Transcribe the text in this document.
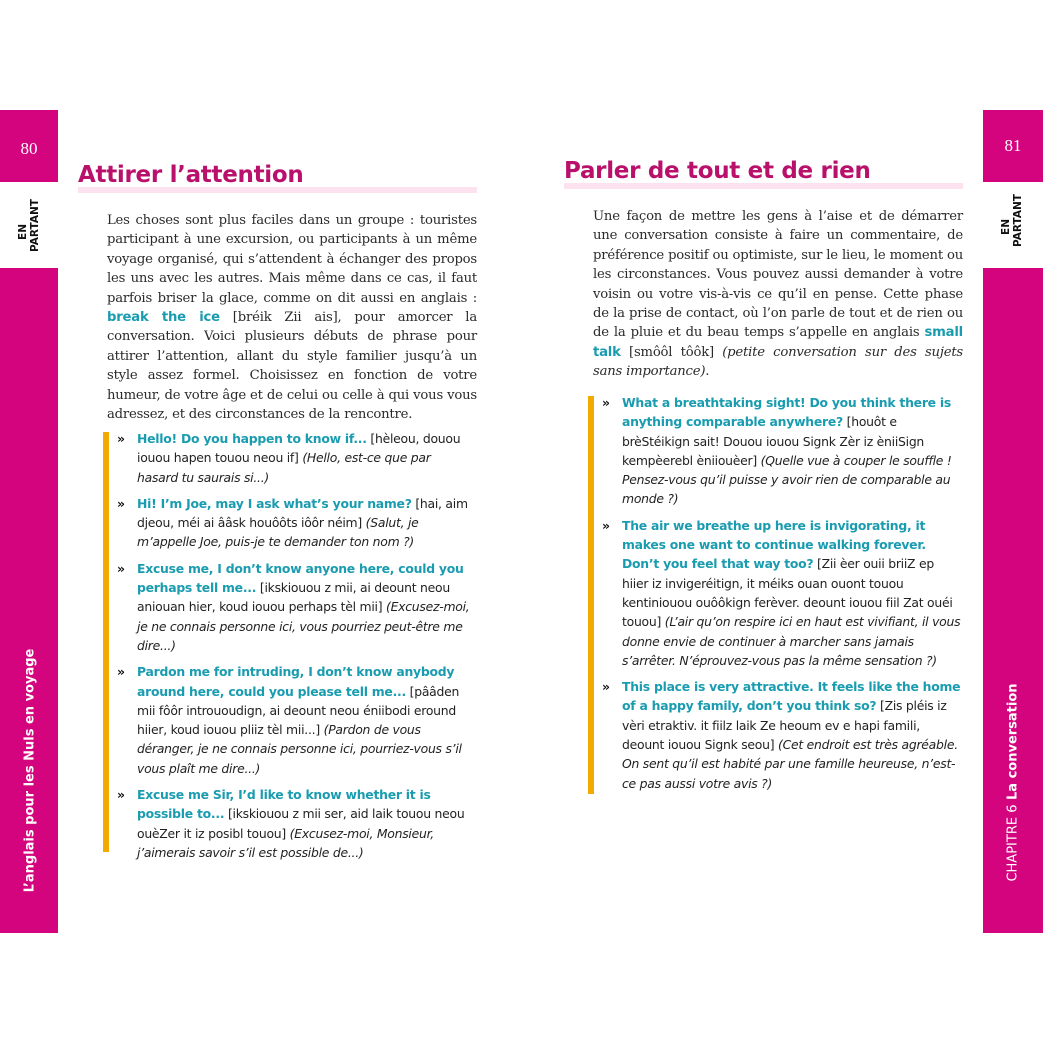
80
EN PARTANT
L’anglais pour les Nuls en voyage
81
EN PARTANT
CHAPITRE 6 La conversation
Attirer l’attention

Les choses sont plus faciles dans un groupe : touristes participant à une excursion, ou participants à un même voyage organisé, qui s’attendent à échanger des propos les uns avec les autres. Mais même dans ce cas, il faut parfois briser la glace, comme on dit aussi en anglais : break the ice [bréik Zii ais], pour amorcer la conversation. Voici plusieurs débuts de phrase pour attirer l’attention, allant du style familier jusqu’à un style assez formel. Choisissez en fonction de votre humeur, de votre âge et de celui ou celle à qui vous vous adressez, et des circonstances de la rencontre.

» Hello! Do you happen to know if... [hèleou, douou iouou hapen touou neou if] (Hello, est-ce que par hasard tu saurais si...)
» Hi! I’m Joe, may I ask what’s your name? [hai, aim djeou, méi ai ââsk houôôts iôôr néim] (Salut, je m’appelle Joe, puis-je te demander ton nom ?)
» Excuse me, I don’t know anyone here, could you perhaps tell me... [ikskiouou z mii, ai deount neou aniouan hier, koud iouou perhaps tèl mii] (Excusez-moi, je ne connais personne ici, vous pourriez peut-être me dire...)
» Pardon me for intruding, I don’t know anybody around here, could you please tell me... [pââden mii fôôr intrououdign, ai deount neou éniibodi eround hiier, koud iouou pliiz tèl mii...] (Pardon de vous déranger, je ne connais personne ici, pourriez-vous s’il vous plaît me dire...)
» Excuse me Sir, I’d like to know whether it is possible to... [ikskiouou z mii ser, aid laik touou neou ouèZer it iz posibl touou] (Excusez-moi, Monsieur, j’aimerais savoir s’il est possible de...)
Parler de tout et de rien

Une façon de mettre les gens à l’aise et de démarrer une conversation consiste à faire un commentaire, de préférence positif ou optimiste, sur le lieu, le moment ou les circonstances. Vous pouvez aussi demander à votre voisin ou votre vis-à-vis ce qu’il en pense. Cette phase de la prise de contact, où l’on parle de tout et de rien ou de la pluie et du beau temps s’appelle en anglais small talk [smôôl tôôk] (petite conversation sur des sujets sans importance).

» What a breathtaking sight! Do you think there is anything comparable anywhere? [houôt e brèStéikign sait! Douou iouou Signk Zèr iz èniiSign kempèerebl èniiouèer] (Quelle vue à couper le souffle ! Pensez-vous qu’il puisse y avoir rien de comparable au monde ?)
» The air we breathe up here is invigorating, it makes one want to continue walking forever. Don’t you feel that way too? [Zii èer ouii briiZ ep hiier iz invigeréitign, it méiks ouan ouont touou kentiniouou ouôôkign ferèver. deount iouou fiil Zat ouéi touou] (L’air qu’on respire ici en haut est vivifiant, il vous donne envie de continuer à marcher sans jamais s’arrêter. N’éprouvez-vous pas la même sensation ?)
» This place is very attractive. It feels like the home of a happy family, don’t you think so? [Zis pléis iz vèri etraktiv. it fiilz laik Ze heoum ev e hapi famili, deount iouou Signk seou] (Cet endroit est très agréable. On sent qu’il est habité par une famille heureuse, n’est-ce pas aussi votre avis ?)
